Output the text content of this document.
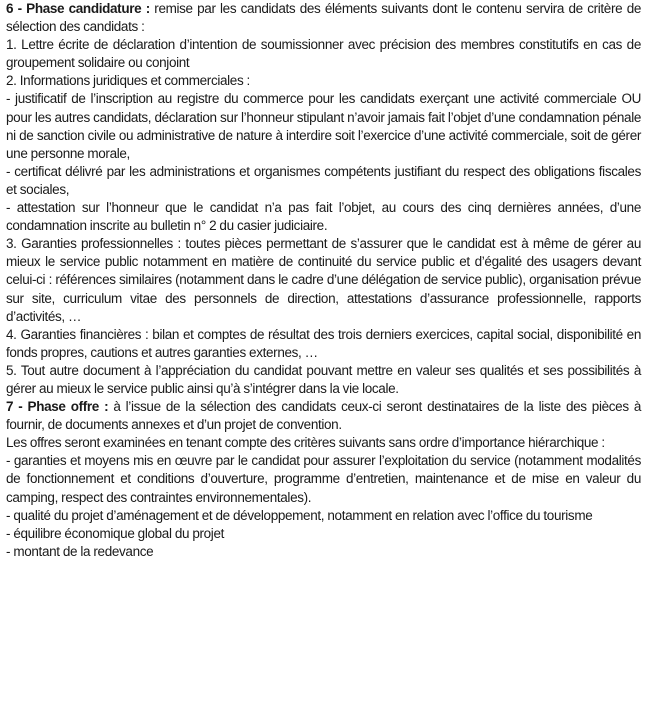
6 - Phase candidature : remise par les candidats des éléments suivants dont le contenu servira de critère de sélection des candidats :

1. Lettre écrite de déclaration d’intention de soumissionner avec précision des membres constitutifs en cas de groupement solidaire ou conjoint

2. Informations juridiques et commerciales :

- justificatif de l’inscription au registre du commerce pour les candidats exerçant une activité commerciale OU pour les autres candidats, déclaration sur l’honneur stipulant n’avoir jamais fait l’objet d’une condamnation pénale ni de sanction civile ou administrative de nature à interdire soit l’exercice d’une activité commerciale, soit de gérer une personne morale,

- certificat délivré par les administrations et organismes compétents justifiant du respect des obligations fiscales et sociales,

- attestation sur l’honneur que le candidat n’a pas fait l’objet, au cours des cinq dernières années, d’une condamnation inscrite au bulletin n° 2 du casier judiciaire.

3. Garanties professionnelles : toutes pièces permettant de s’assurer que le candidat est à même de gérer au mieux le service public notamment en matière de continuité du service public et d’égalité des usagers devant celui-ci : références similaires (notamment dans le cadre d’une délégation de service public), organisation prévue sur site, curriculum vitae des personnels de direction, attestations d’assurance professionnelle, rapports d’activités, …

4. Garanties financières : bilan et comptes de résultat des trois derniers exercices, capital social, disponibilité en fonds propres, cautions et autres garanties externes, …

5. Tout autre document à l’appréciation du candidat pouvant mettre en valeur ses qualités et ses possibilités à gérer au mieux le service public ainsi qu’à s’intégrer dans la vie locale.

7 - Phase offre : à l’issue de la sélection des candidats ceux-ci seront destinataires de la liste des pièces à fournir, de documents annexes et d’un projet de convention.

Les offres seront examinées en tenant compte des critères suivants sans ordre d’importance hiérarchique :

- garanties et moyens mis en œuvre par le candidat pour assurer l’exploitation du service (notamment modalités de fonctionnement et conditions d’ouverture, programme d’entretien, maintenance et de mise en valeur du camping, respect des contraintes environnementales).

- qualité du projet d’aménagement et de développement, notamment en relation avec l’office du tourisme

- équilibre économique global du projet

- montant de la redevance
